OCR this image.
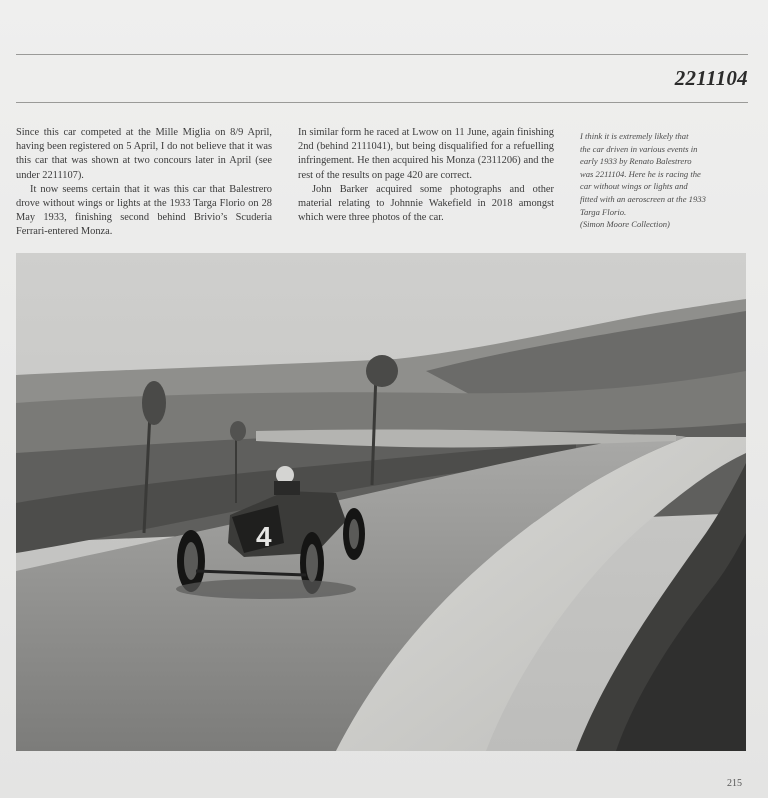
2211104

Since this car competed at the Mille Miglia on 8/9 April, having been registered on 5 April, I do not believe that it was this car that was shown at two concours later in April (see under 2211107).

It now seems certain that it was this car that Balestrero drove without wings or lights at the 1933 Targa Florio on 28 May 1933, finishing second behind Brivio’s Scuderia Ferrari-entered Monza.

In similar form he raced at Lwow on 11 June, again finishing 2nd (behind 2111041), but being disqualified for a refuelling infringement. He then acquired his Monza (2311206) and the rest of the results on page 420 are correct.

John Barker acquired some photographs and other material relating to Johnnie Wakefield in 2018 amongst which were three photos of the car.

I think it is extremely likely that
the car driven in various events in
early 1933 by Renato Balestrero
was 2211104. Here he is racing the
car without wings or lights and
fitted with an aeroscreen at the 1933
Targa Florio.
(Simon Moore Collection)
4
215
